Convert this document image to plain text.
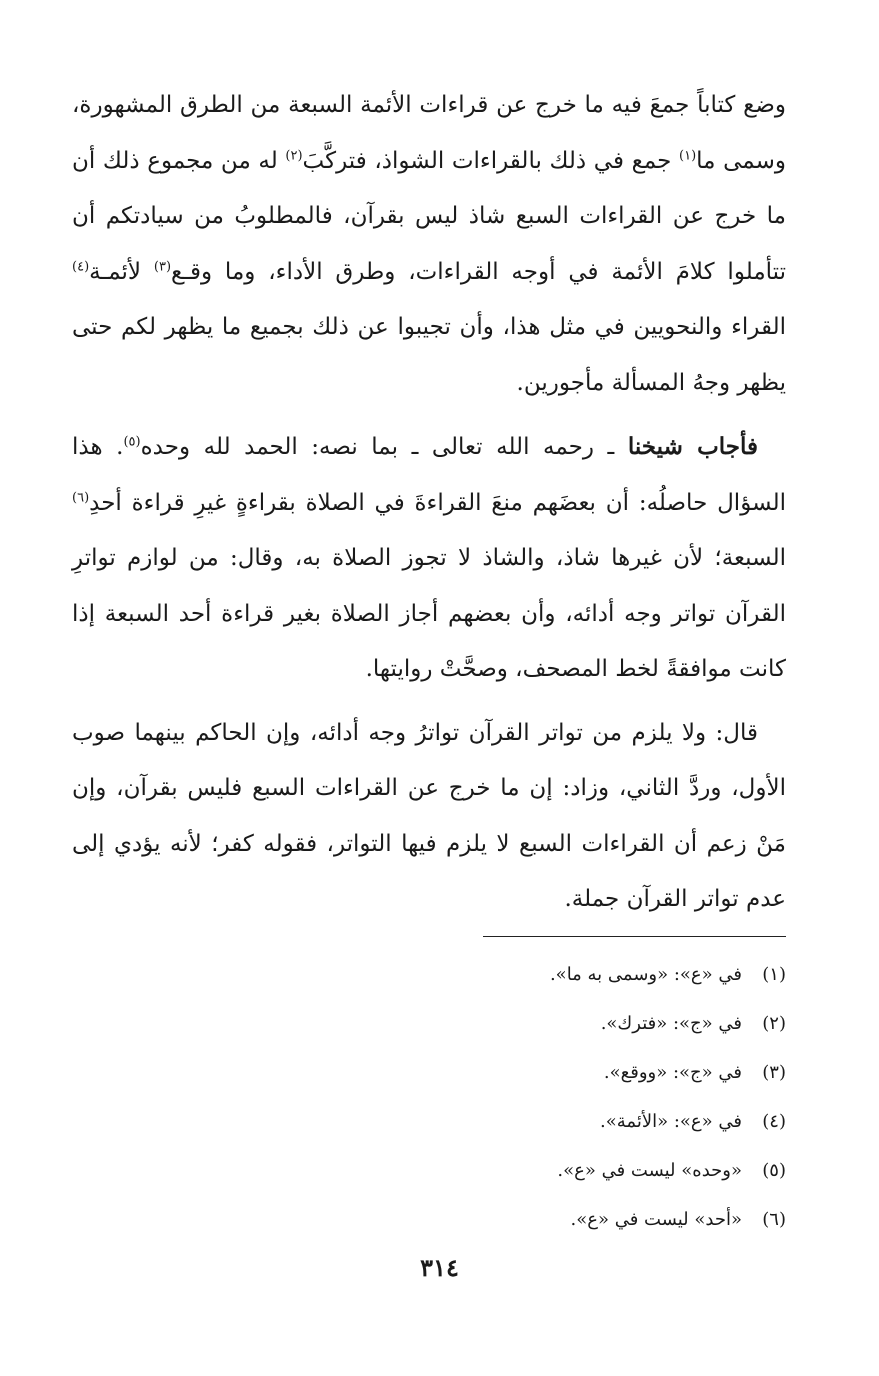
وضع كتاباً جمعَ فيه ما خرج عن قراءات الأئمة السبعة من الطرق المشهورة، وسمى ما$^{(١)}$ جمع في ذلك بالقراءات الشواذ، فتركَّبَ$^{(٢)}$ له من مجموع ذلك أن ما خرج عن القراءات السبع شاذ ليس بقرآن، فالمطلوبُ من سيادتكم أن تتأملوا كلامَ الأئمة في أوجه القراءات، وطرق الأداء، وما وقـع$^{(٣)}$ لأئمـة$^{(٤)}$ القراء والنحويين في مثل هذا، وأن تجيبوا عن ذلك بجميع ما يظهر لكم حتى يظهر وجهُ المسألة مأجورين.

فأجاب شيخنا ـ رحمه الله تعالى ـ بما نصه: الحمد لله وحده$^{(٥)}$. هذا السؤال حاصلُه: أن بعضَهم منعَ القراءةَ في الصلاة بقراءةٍ غيرِ قراءة أحدِ$^{(٦)}$ السبعة؛ لأن غيرها شاذ، والشاذ لا تجوز الصلاة به، وقال: من لوازم تواترِ القرآن تواتر وجه أدائه، وأن بعضهم أجاز الصلاة بغير قراءة أحد السبعة إذا كانت موافقةً لخط المصحف، وصحَّتْ روايتها.

قال: ولا يلزم من تواتر القرآن تواترُ وجه أدائه، وإن الحاكم بينهما صوب الأول، وردَّ الثاني، وزاد: إن ما خرج عن القراءات السبع فليس بقرآن، وإن مَنْ زعم أن القراءات السبع لا يلزم فيها التواتر، فقوله كفر؛ لأنه يؤدي إلى عدم تواتر القرآن جملة.

(١)
في «ع»: «وسمى به ما».
(٢)
في «ج»: «فترك».
(٣)
في «ج»: «ووقع».
(٤)
في «ع»: «الأئمة».
(٥)
«وحده» ليست في «ع».
(٦)
«أحد» ليست في «ع».
٣١٤
